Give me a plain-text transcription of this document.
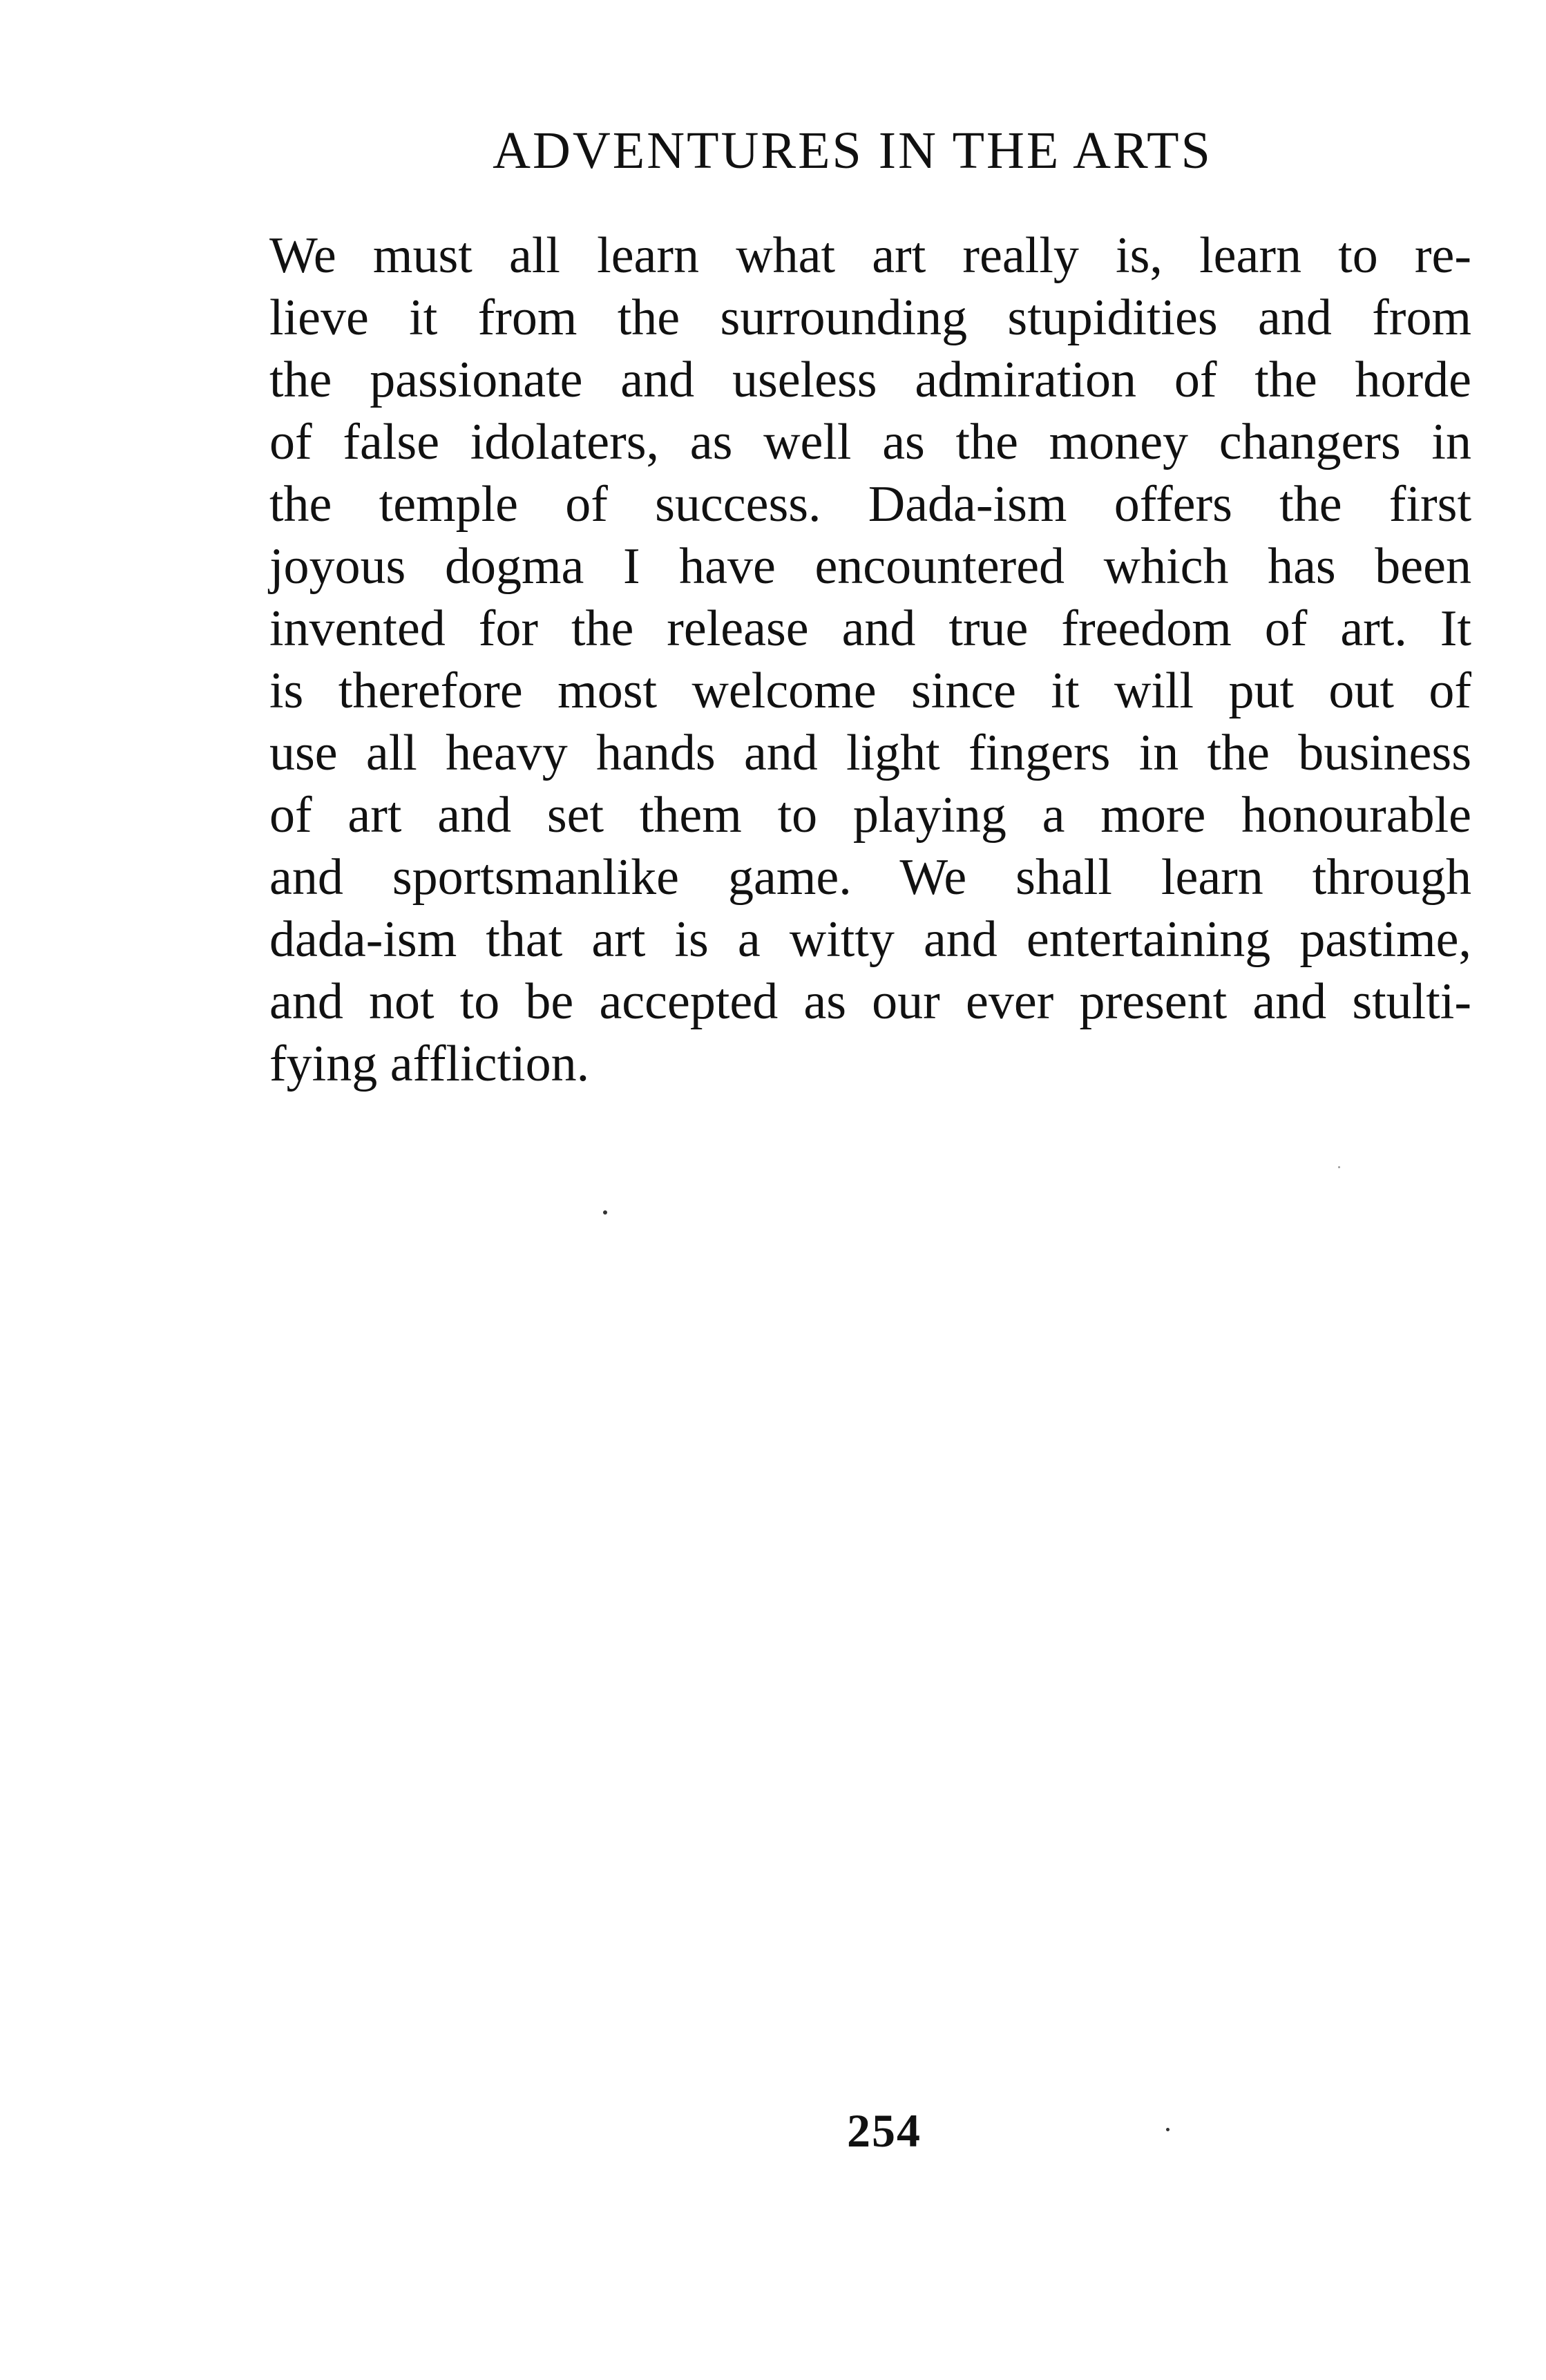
ADVENTURES IN THE ARTS
We must all learn what art really is, learn to re-
lieve it from the surrounding stupidities and from
the passionate and useless admiration of the horde
of false idolaters, as well as the money changers in
the temple of success. Dada-ism offers the first
joyous dogma I have encountered which has been
invented for the release and true freedom of art. It
is therefore most welcome since it will put out of
use all heavy hands and light fingers in the business
of art and set them to playing a more honourable
and sportsmanlike game. We shall learn through
dada-ism that art is a witty and entertaining pastime,
and not to be accepted as our ever present and stulti-
fying affliction.
254
